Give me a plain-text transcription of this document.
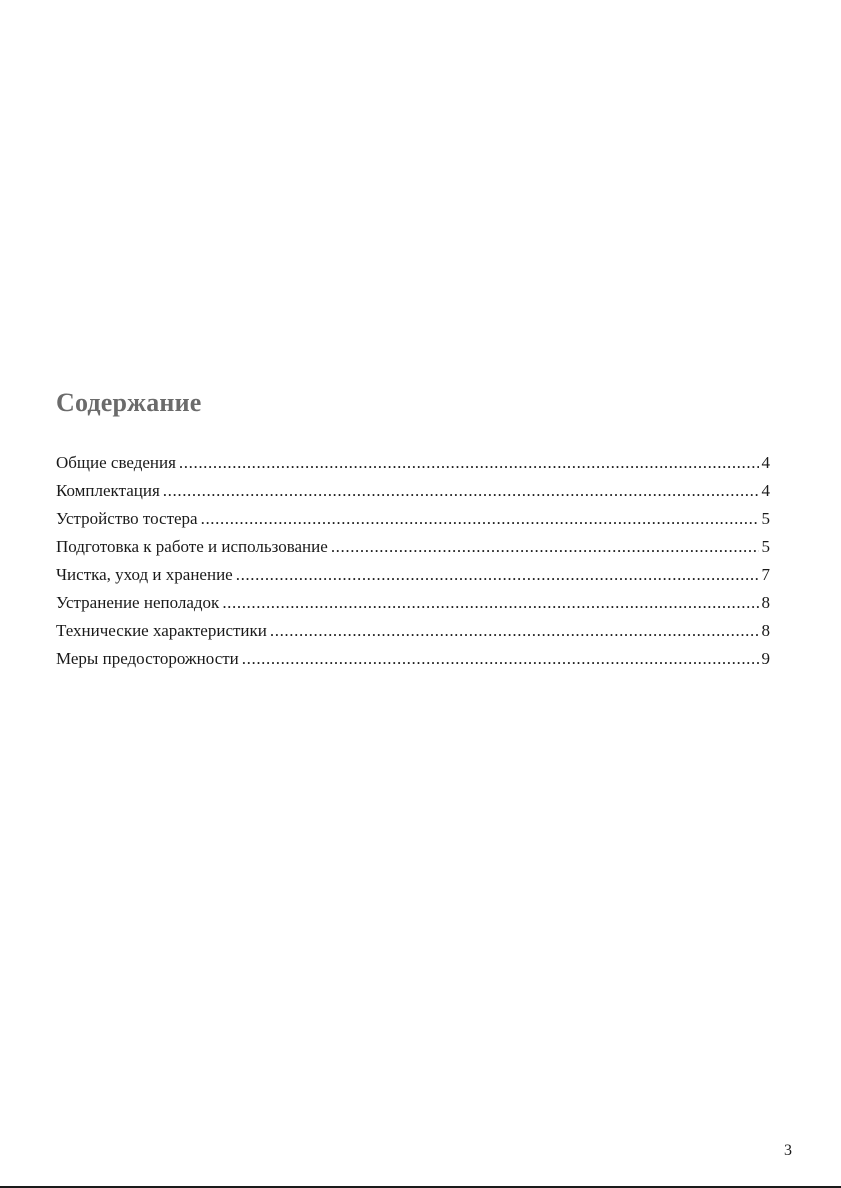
Содержание
Общие сведения .....	4
Комплектация .....	4
Устройство тостера .....	5
Подготовка к работе и использование .....	5
Чистка, уход и хранение .....	7
Устранение неполадок .....	8
Технические характеристики .....	8
Меры предосторожности .....	9
3
